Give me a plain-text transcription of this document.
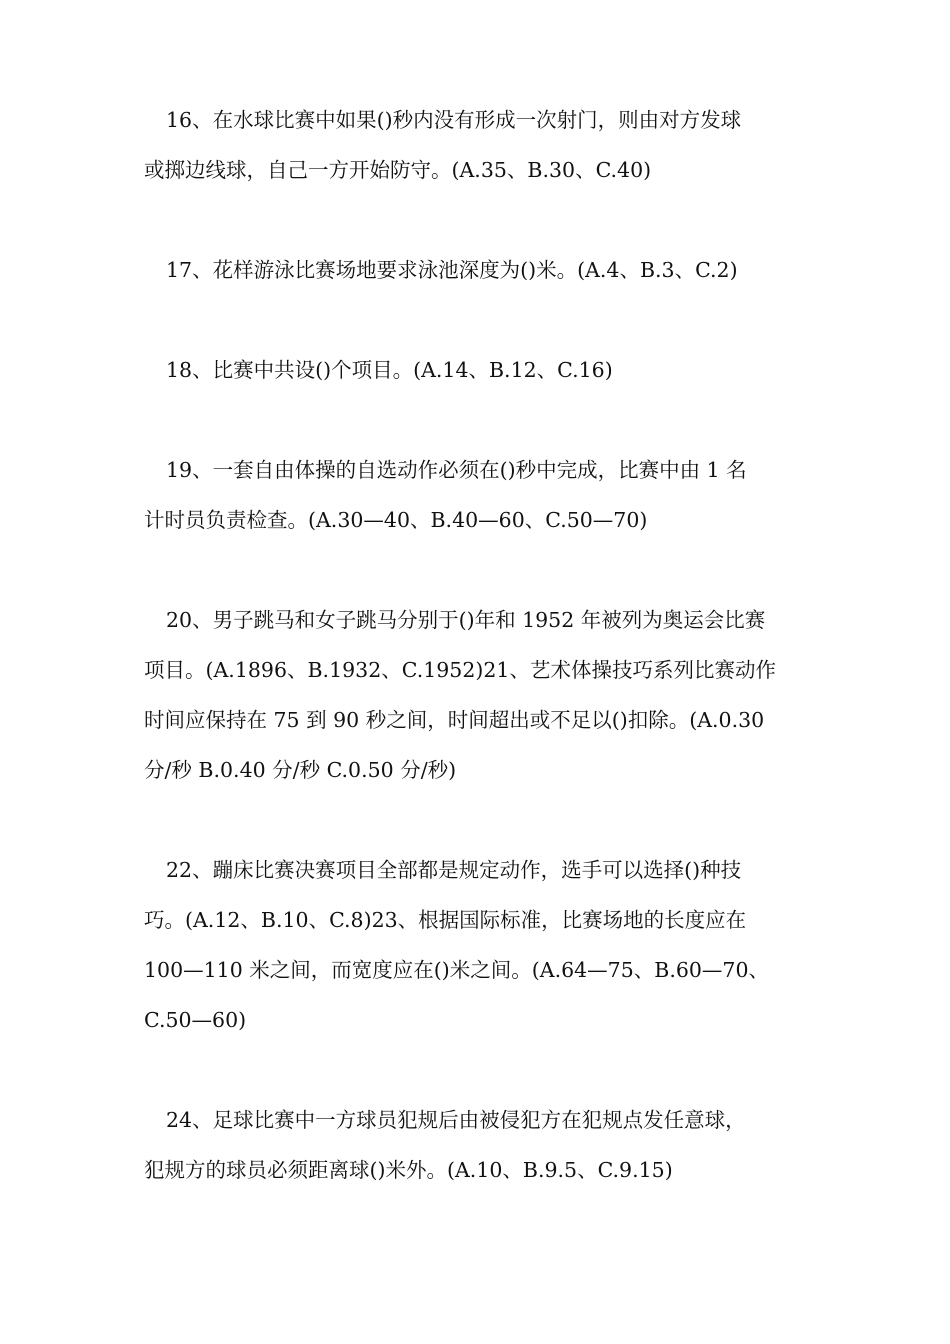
16、在水球比赛中如果()秒内没有形成一次射门，则由对方发球
或掷边线球，自己一方开始防守。(A.35、B.30、C.40)
17、花样游泳比赛场地要求泳池深度为()米。(A.4、B.3、C.2)
18、比赛中共设()个项目。(A.14、B.12、C.16)
19、一套自由体操的自选动作必须在()秒中完成，比赛中由 1 名
计时员负责检查。(A.30—40、B.40—60、C.50—70)
20、男子跳马和女子跳马分别于()年和 1952 年被列为奥运会比赛
项目。(A.1896、B.1932、C.1952)21、艺术体操技巧系列比赛动作
时间应保持在 75 到 90 秒之间，时间超出或不足以()扣除。(A.0.30
分/秒 B.0.40 分/秒 C.0.50 分/秒)
22、蹦床比赛决赛项目全部都是规定动作，选手可以选择()种技
巧。(A.12、B.10、C.8)23、根据国际标准，比赛场地的长度应在
100—110 米之间，而宽度应在()米之间。(A.64—75、B.60—70、
C.50—60)
24、足球比赛中一方球员犯规后由被侵犯方在犯规点发任意球，
犯规方的球员必须距离球()米外。(A.10、B.9.5、C.9.15)
